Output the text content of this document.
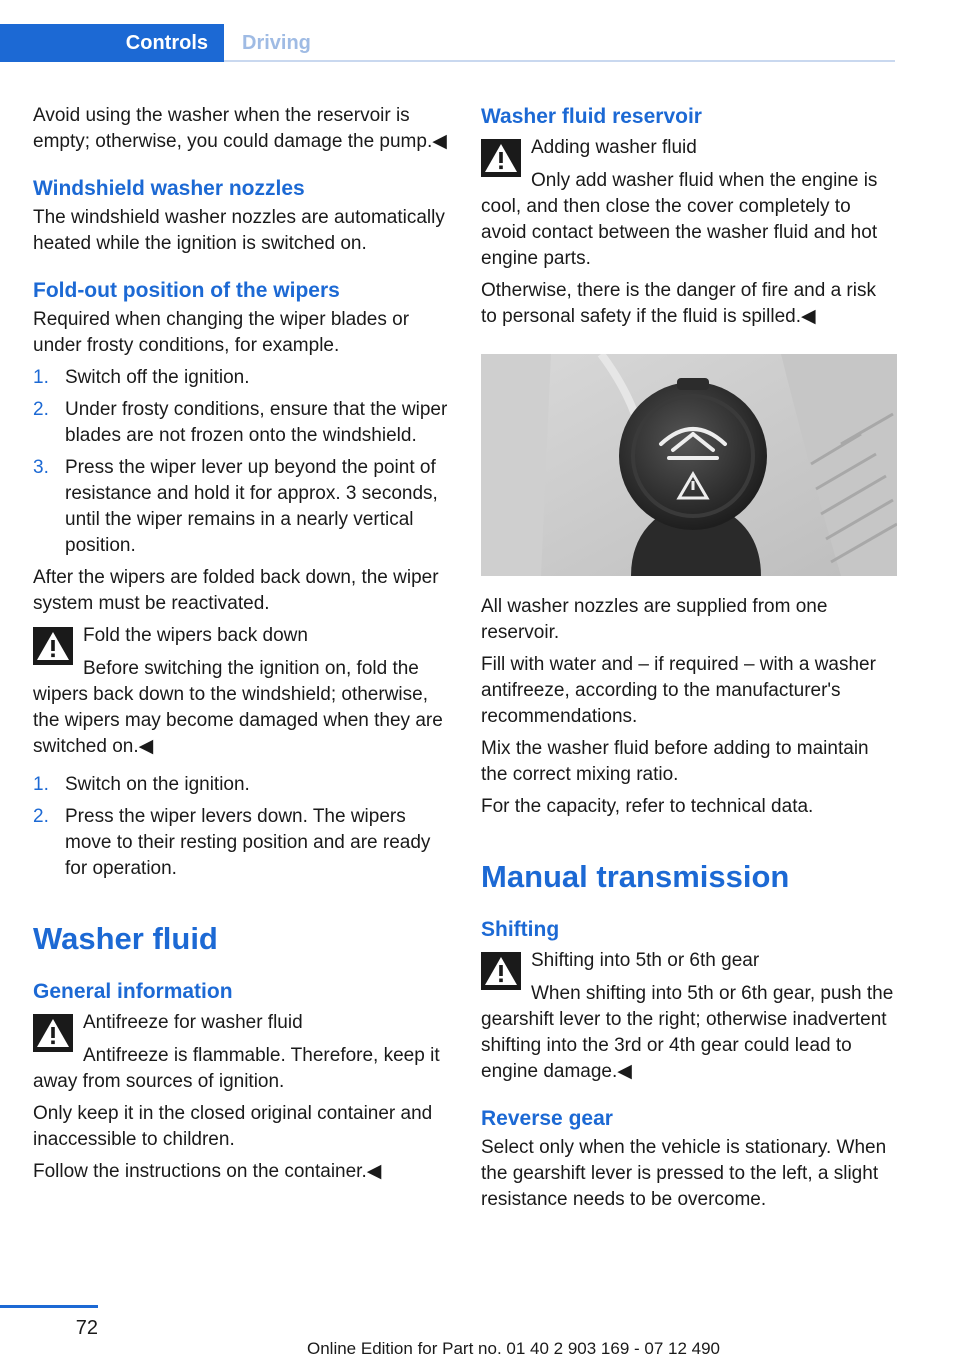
Controls	Driving

Avoid using the washer when the reservoir is empty; otherwise, you could damage the pump.◀

Windshield washer nozzles

The windshield washer nozzles are automatically heated while the ignition is switched on.

Fold-out position of the wipers

Required when changing the wiper blades or under frosty conditions, for example.

1. Switch off the ignition.
2. Under frosty conditions, ensure that the wiper blades are not frozen onto the windshield.
3. Press the wiper lever up beyond the point of resistance and hold it for approx. 3 seconds, until the wiper remains in a nearly vertical position.

After the wipers are folded back down, the wiper system must be reactivated.

Fold the wipers back down
Before switching the ignition on, fold the wipers back down to the windshield; otherwise, the wipers may become damaged when they are switched on.◀
1. Switch on the ignition.
2. Press the wiper levers down. The wipers move to their resting position and are ready for operation.
Washer fluid
General information
Antifreeze for washer fluid
Antifreeze is flammable. Therefore, keep it away from sources of ignition.

Only keep it in the closed original container and inaccessible to children.

Follow the instructions on the container.◀

Washer fluid reservoir
Adding washer fluid
Only add washer fluid when the engine is cool, and then close the cover completely to avoid contact between the washer fluid and hot engine parts.

Otherwise, there is the danger of fire and a risk to personal safety if the fluid is spilled.◀

All washer nozzles are supplied from one reservoir.

Fill with water and – if required – with a washer antifreeze, according to the manufacturer's recommendations.

Mix the washer fluid before adding to maintain the correct mixing ratio.

For the capacity, refer to technical data.

Manual transmission
Shifting
Shifting into 5th or 6th gear
When shifting into 5th or 6th gear, push the gearshift lever to the right; otherwise inadvertent shifting into the 3rd or 4th gear could lead to engine damage.◀
Reverse gear

Select only when the vehicle is stationary. When the gearshift lever is pressed to the left, a slight resistance needs to be overcome.

72
Online Edition for Part no. 01 40 2 903 169 - 07 12 490
